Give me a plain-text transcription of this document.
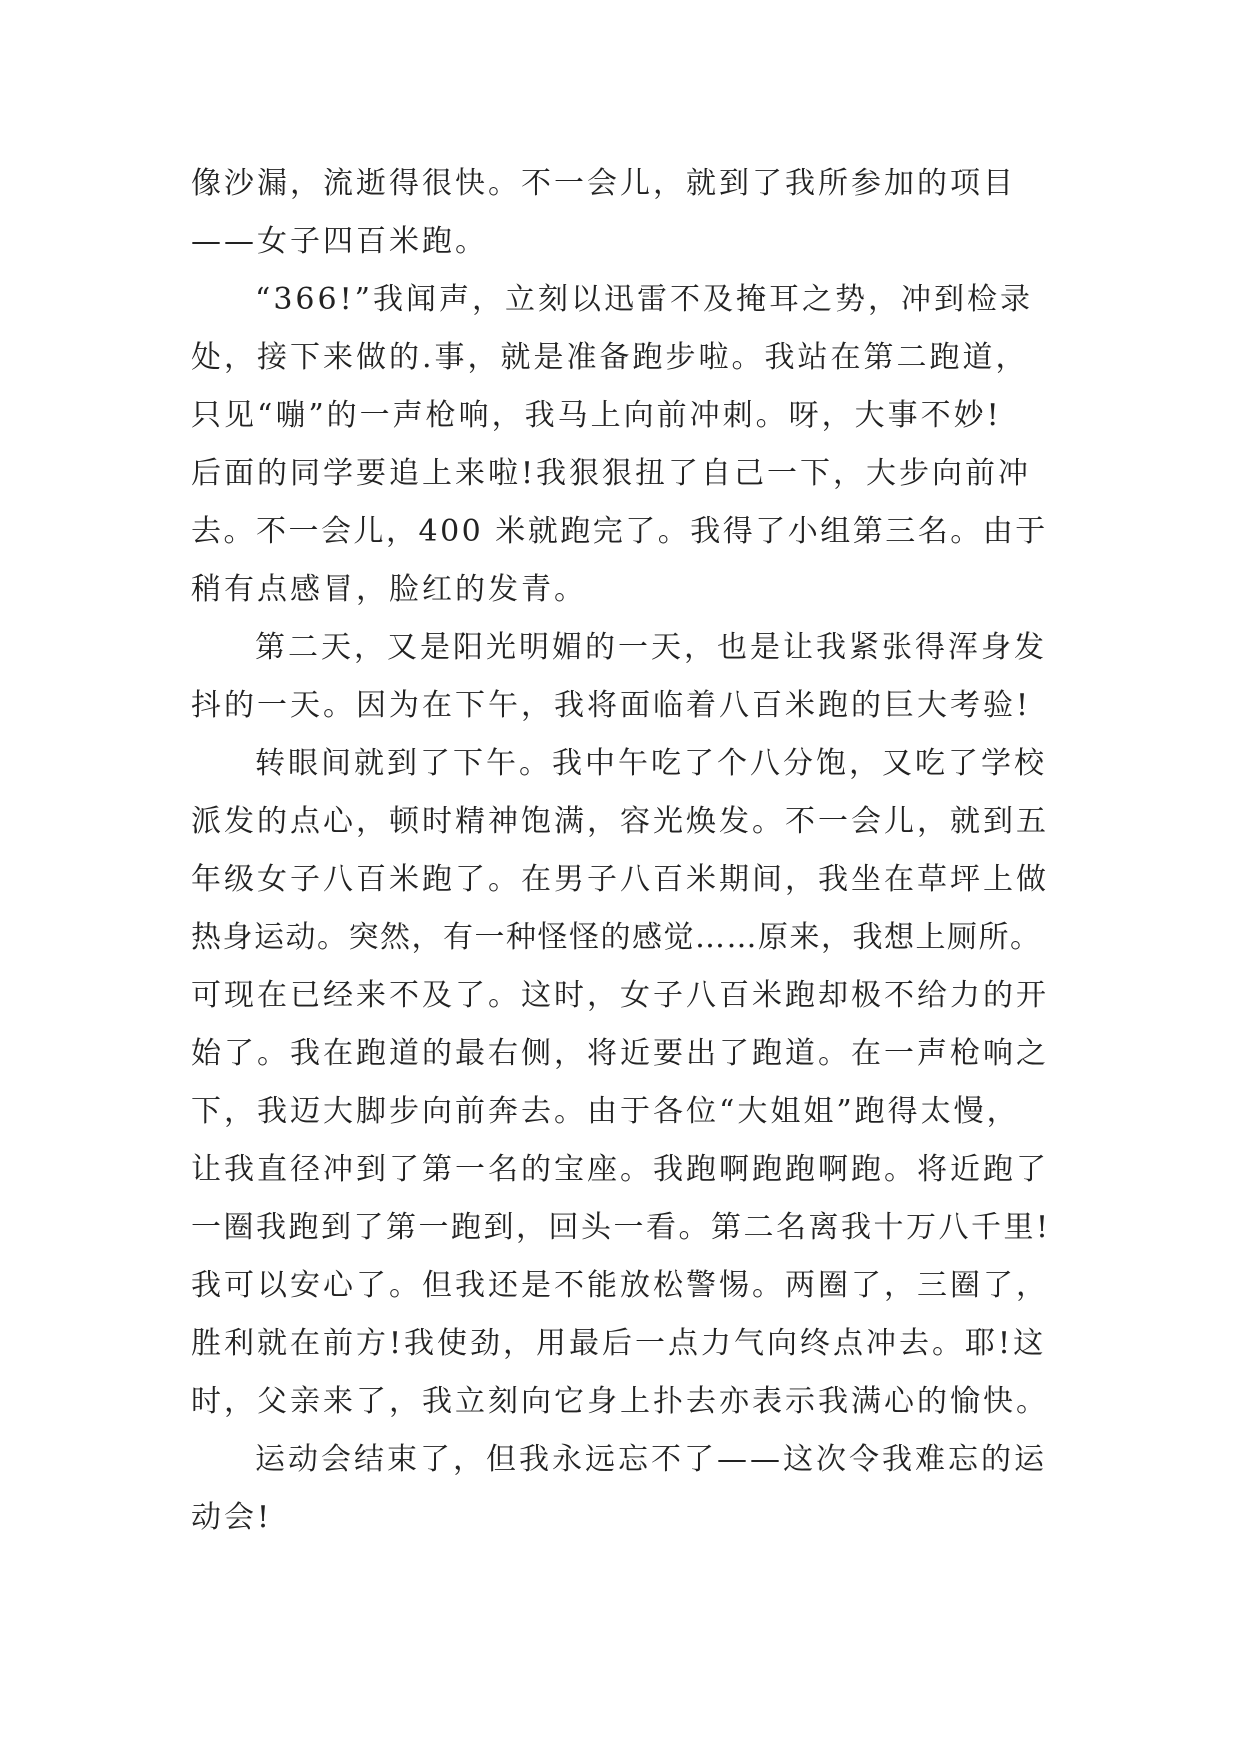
像沙漏，流逝得很快。不一会儿，就到了我所参加的项目
——女子四百米跑。
“366!”我闻声，立刻以迅雷不及掩耳之势，冲到检录
处，接下来做的.事，就是准备跑步啦。我站在第二跑道，
只见“嘣”的一声枪响，我马上向前冲刺。呀，大事不妙!
后面的同学要追上来啦!我狠狠扭了自己一下，大步向前冲
去。不一会儿，400 米就跑完了。我得了小组第三名。由于
稍有点感冒，脸红的发青。
第二天，又是阳光明媚的一天，也是让我紧张得浑身发
抖的一天。因为在下午，我将面临着八百米跑的巨大考验!
转眼间就到了下午。我中午吃了个八分饱，又吃了学校
派发的点心，顿时精神饱满，容光焕发。不一会儿，就到五
年级女子八百米跑了。在男子八百米期间，我坐在草坪上做
热身运动。突然，有一种怪怪的感觉……原来，我想上厕所。
可现在已经来不及了。这时，女子八百米跑却极不给力的开
始了。我在跑道的最右侧，将近要出了跑道。在一声枪响之
下，我迈大脚步向前奔去。由于各位“大姐姐”跑得太慢，
让我直径冲到了第一名的宝座。我跑啊跑跑啊跑。将近跑了
一圈我跑到了第一跑到，回头一看。第二名离我十万八千里!
我可以安心了。但我还是不能放松警惕。两圈了，三圈了，
胜利就在前方!我使劲，用最后一点力气向终点冲去。耶!这
时，父亲来了，我立刻向它身上扑去亦表示我满心的愉快。
运动会结束了，但我永远忘不了——这次令我难忘的运
动会!
